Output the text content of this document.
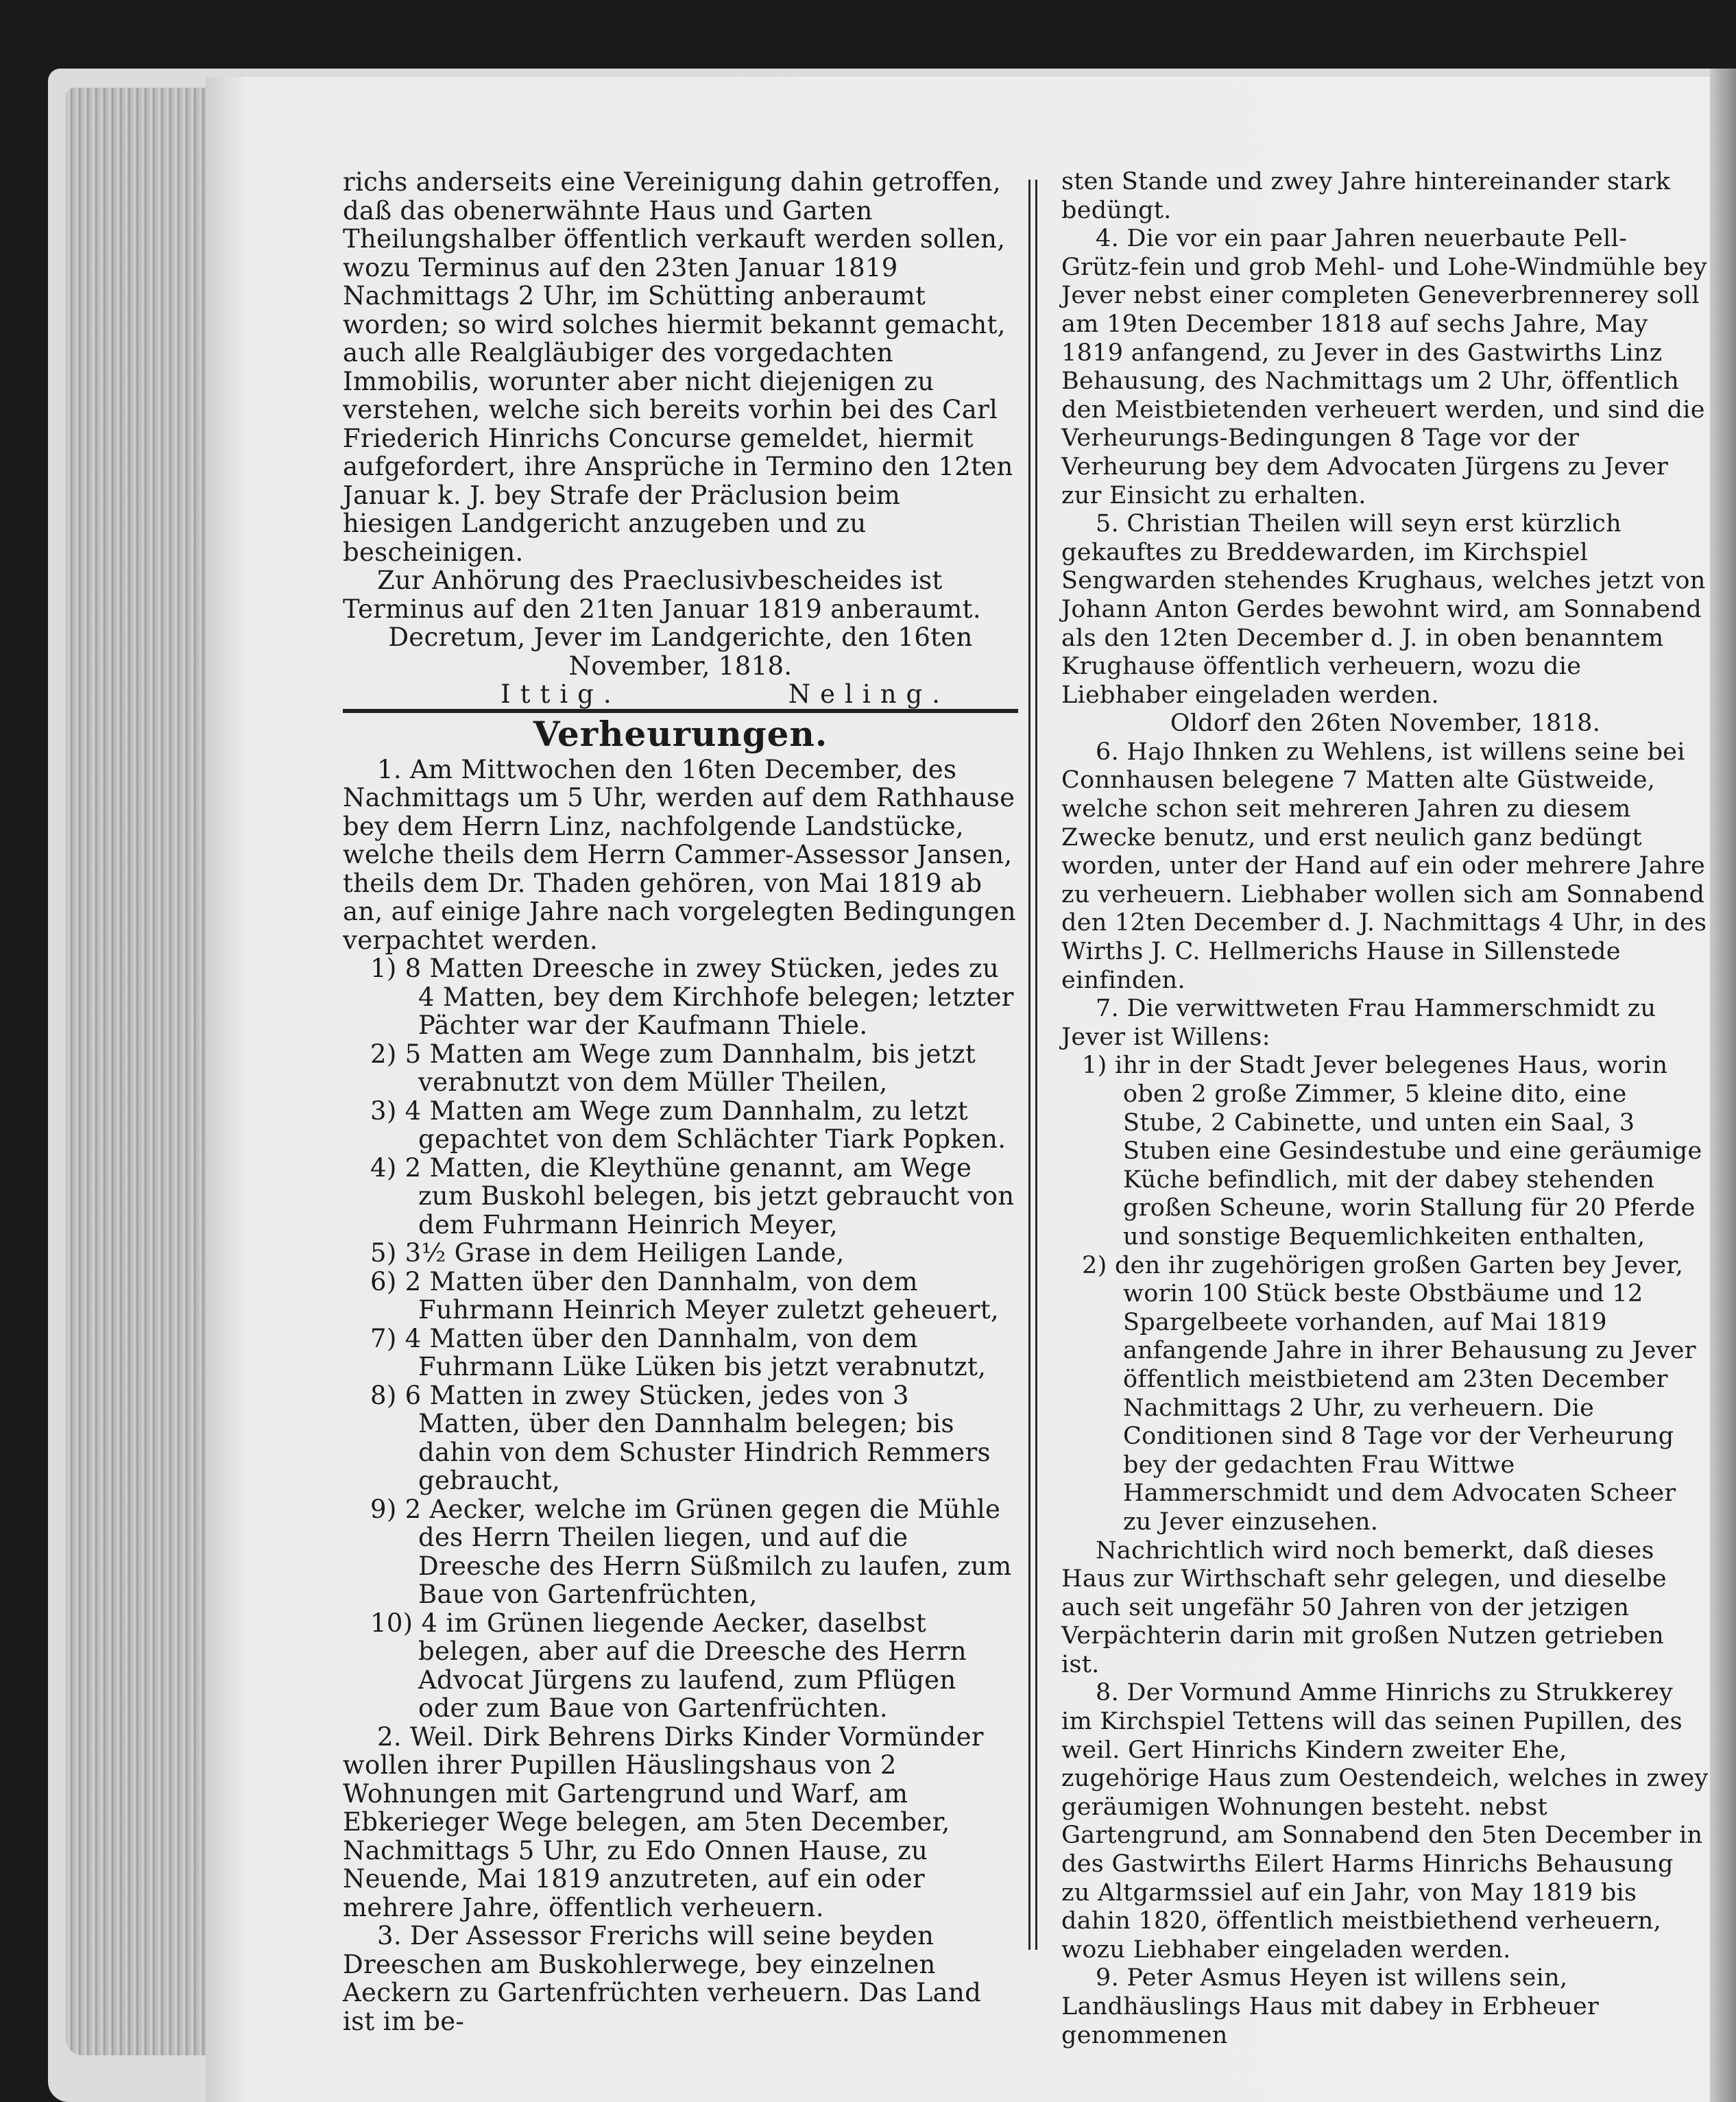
richs anderseits eine Vereinigung dahin getroffen, daß das obenerwähnte Haus und Garten Theilungshalber öffentlich verkauft werden sollen, wozu Terminus auf den 23ten Januar 1819 Nachmittags 2 Uhr, im Schütting anberaumt worden; so wird solches hiermit bekannt gemacht, auch alle Realgläubiger des vorgedachten Immobilis, worunter aber nicht diejenigen zu verstehen, welche sich bereits vorhin bei des Carl Friederich Hinrichs Concurse gemeldet, hiermit aufgefordert, ihre Ansprüche in Termino den 12ten Januar k. J. bey Strafe der Präclusion beim hiesigen Landgericht anzugeben und zu bescheinigen.

Zur Anhörung des Praeclusivbescheides ist Terminus auf den 21ten Januar 1819 anberaumt.

Decretum, Jever im Landgerichte, den 16ten November, 1818.

Ittig.	Neling.
Verheurungen.

1. Am Mittwochen den 16ten December, des Nachmittags um 5 Uhr, werden auf dem Rathhause bey dem Herrn Linz, nachfolgende Landstücke, welche theils dem Herrn Cammer-Assessor Jansen, theils dem Dr. Thaden gehören, von Mai 1819 ab an, auf einige Jahre nach vorgelegten Bedingungen verpachtet werden.

1) 8 Matten Dreesche in zwey Stücken, jedes zu 4 Matten, bey dem Kirchhofe belegen; letzter Pächter war der Kaufmann Thiele.

2) 5 Matten am Wege zum Dannhalm, bis jetzt verabnutzt von dem Müller Theilen,

3) 4 Matten am Wege zum Dannhalm, zu letzt gepachtet von dem Schlächter Tiark Popken.

4) 2 Matten, die Kleythüne genannt, am Wege zum Buskohl belegen, bis jetzt gebraucht von dem Fuhrmann Heinrich Meyer,

5) 3½ Grase in dem Heiligen Lande,

6) 2 Matten über den Dannhalm, von dem Fuhrmann Heinrich Meyer zuletzt geheuert,

7) 4 Matten über den Dannhalm, von dem Fuhrmann Lüke Lüken bis jetzt verabnutzt,

8) 6 Matten in zwey Stücken, jedes von 3 Matten, über den Dannhalm belegen; bis dahin von dem Schuster Hindrich Remmers gebraucht,

9) 2 Aecker, welche im Grünen gegen die Mühle des Herrn Theilen liegen, und auf die Dreesche des Herrn Süßmilch zu laufen, zum Baue von Gartenfrüchten,

10) 4 im Grünen liegende Aecker, daselbst belegen, aber auf die Dreesche des Herrn Advocat Jürgens zu laufend, zum Pflügen oder zum Baue von Gartenfrüchten.

2. Weil. Dirk Behrens Dirks Kinder Vormünder wollen ihrer Pupillen Häuslingshaus von 2 Wohnungen mit Gartengrund und Warf, am Ebkerieger Wege belegen, am 5ten December, Nachmittags 5 Uhr, zu Edo Onnen Hause, zu Neuende, Mai 1819 anzutreten, auf ein oder mehrere Jahre, öffentlich verheuern.

3. Der Assessor Frerichs will seine beyden Dreeschen am Buskohlerwege, bey einzelnen Aeckern zu Gartenfrüchten verheuern. Das Land ist im be-

sten Stande und zwey Jahre hintereinander stark bedüngt.

4. Die vor ein paar Jahren neuerbaute Pell- Grütz-fein und grob Mehl- und Lohe-Windmühle bey Jever nebst einer completen Geneverbrennerey soll am 19ten December 1818 auf sechs Jahre, May 1819 anfangend, zu Jever in des Gastwirths Linz Behausung, des Nachmittags um 2 Uhr, öffentlich den Meistbietenden verheuert werden, und sind die Verheurungs-Bedingungen 8 Tage vor der Verheurung bey dem Advocaten Jürgens zu Jever zur Einsicht zu erhalten.

5. Christian Theilen will seyn erst kürzlich gekauftes zu Breddewarden, im Kirchspiel Sengwarden stehendes Krughaus, welches jetzt von Johann Anton Gerdes bewohnt wird, am Sonnabend als den 12ten December d. J. in oben benanntem Krughause öffentlich verheuern, wozu die Liebhaber eingeladen werden.

Oldorf den 26ten November, 1818.

6. Hajo Ihnken zu Wehlens, ist willens seine bei Connhausen belegene 7 Matten alte Güstweide, welche schon seit mehreren Jahren zu diesem Zwecke benutz, und erst neulich ganz bedüngt worden, unter der Hand auf ein oder mehrere Jahre zu verheuern. Liebhaber wollen sich am Sonnabend den 12ten December d. J. Nachmittags 4 Uhr, in des Wirths J. C. Hellmerichs Hause in Sillenstede einfinden.

7. Die verwittweten Frau Hammerschmidt zu Jever ist Willens:

1) ihr in der Stadt Jever belegenes Haus, worin oben 2 große Zimmer, 5 kleine dito, eine Stube, 2 Cabinette, und unten ein Saal, 3 Stuben eine Gesindestube und eine geräumige Küche befindlich, mit der dabey stehenden großen Scheune, worin Stallung für 20 Pferde und sonstige Bequemlichkeiten enthalten,

2) den ihr zugehörigen großen Garten bey Jever, worin 100 Stück beste Obstbäume und 12 Spargelbeete vorhanden, auf Mai 1819 anfangende Jahre in ihrer Behausung zu Jever öffentlich meistbietend am 23ten December Nachmittags 2 Uhr, zu verheuern. Die Conditionen sind 8 Tage vor der Verheurung bey der gedachten Frau Wittwe Hammerschmidt und dem Advocaten Scheer zu Jever einzusehen.

Nachrichtlich wird noch bemerkt, daß dieses Haus zur Wirthschaft sehr gelegen, und dieselbe auch seit ungefähr 50 Jahren von der jetzigen Verpächterin darin mit großen Nutzen getrieben ist.

8. Der Vormund Amme Hinrichs zu Strukkerey im Kirchspiel Tettens will das seinen Pupillen, des weil. Gert Hinrichs Kindern zweiter Ehe, zugehörige Haus zum Oestendeich, welches in zwey geräumigen Wohnungen besteht. nebst Gartengrund, am Sonnabend den 5ten December in des Gastwirths Eilert Harms Hinrichs Behausung zu Altgarmssiel auf ein Jahr, von May 1819 bis dahin 1820, öffentlich meistbiethend verheuern, wozu Liebhaber eingeladen werden.

9. Peter Asmus Heyen ist willens sein, Landhäuslings Haus mit dabey in Erbheuer genommenen
